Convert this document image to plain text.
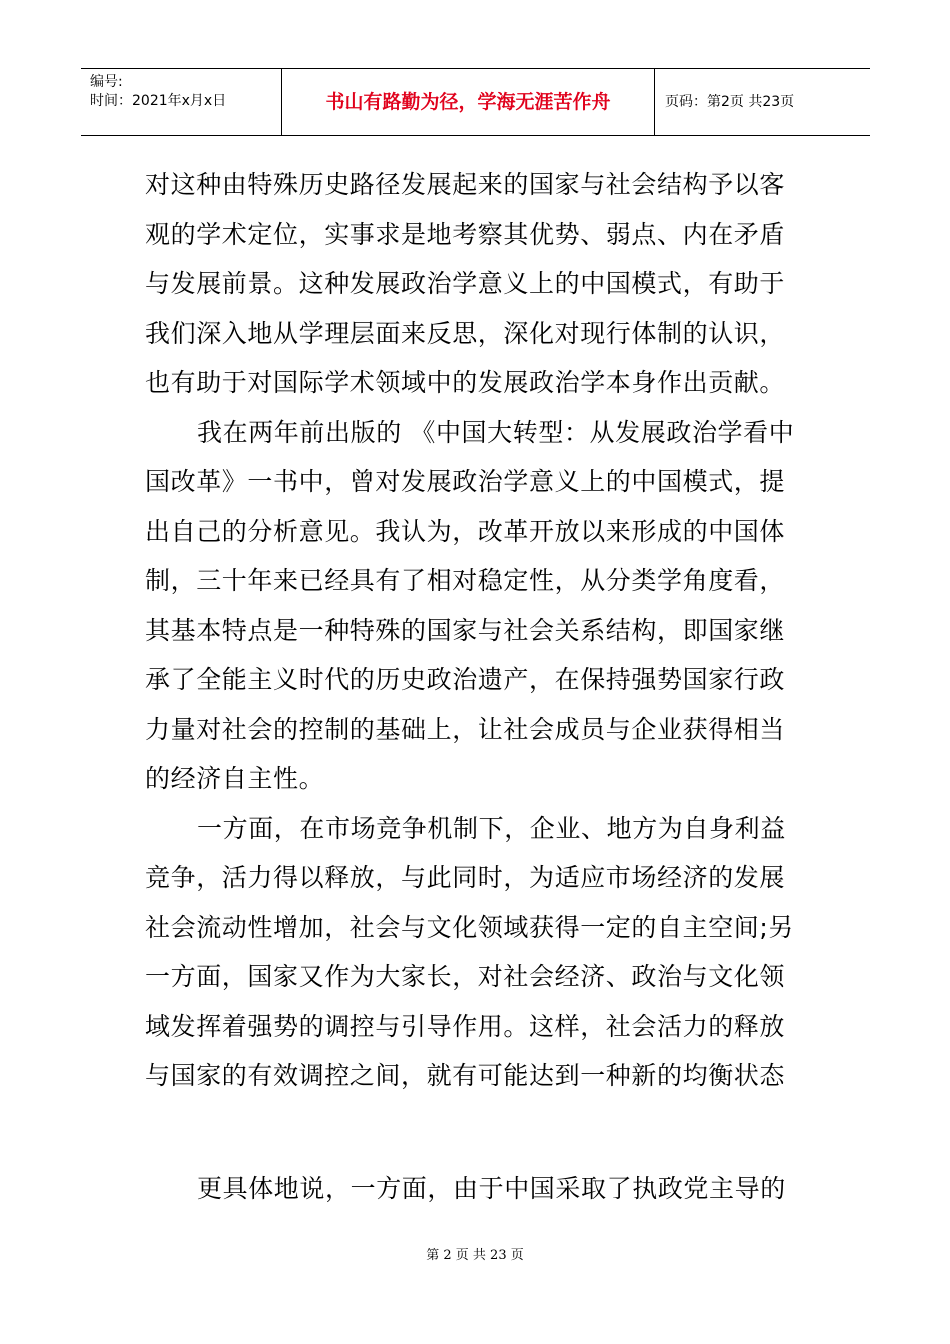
编号:
时间：2021年x月x日	书山有路勤为径，学海无涯苦作舟	页码：第2页 共23页
对这种由特殊历史路径发展起来的国家与社会结构予以客
观的学术定位，实事求是地考察其优势、弱点、内在矛盾
与发展前景。这种发展政治学意义上的中国模式，有助于
我们深入地从学理层面来反思，深化对现行体制的认识，
也有助于对国际学术领域中的发展政治学本身作出贡献。
我在两年前出版的 《中国大转型：从发展政治学看中
国改革》一书中，曾对发展政治学意义上的中国模式，提
出自己的分析意见。我认为，改革开放以来形成的中国体
制，三十年来已经具有了相对稳定性，从分类学角度看，
其基本特点是一种特殊的国家与社会关系结构，即国家继
承了全能主义时代的历史政治遗产，在保持强势国家行政
力量对社会的控制的基础上，让社会成员与企业获得相当
的经济自主性。
一方面，在市场竞争机制下，企业、地方为自身利益
竞争，活力得以释放，与此同时，为适应市场经济的发展
社会流动性增加，社会与文化领域获得一定的自主空间;另
一方面，国家又作为大家长，对社会经济、政治与文化领
域发挥着强势的调控与引导作用。这样，社会活力的释放
与国家的有效调控之间，就有可能达到一种新的均衡状态
更具体地说，一方面，由于中国采取了执政党主导的
第 2 页 共 23 页
